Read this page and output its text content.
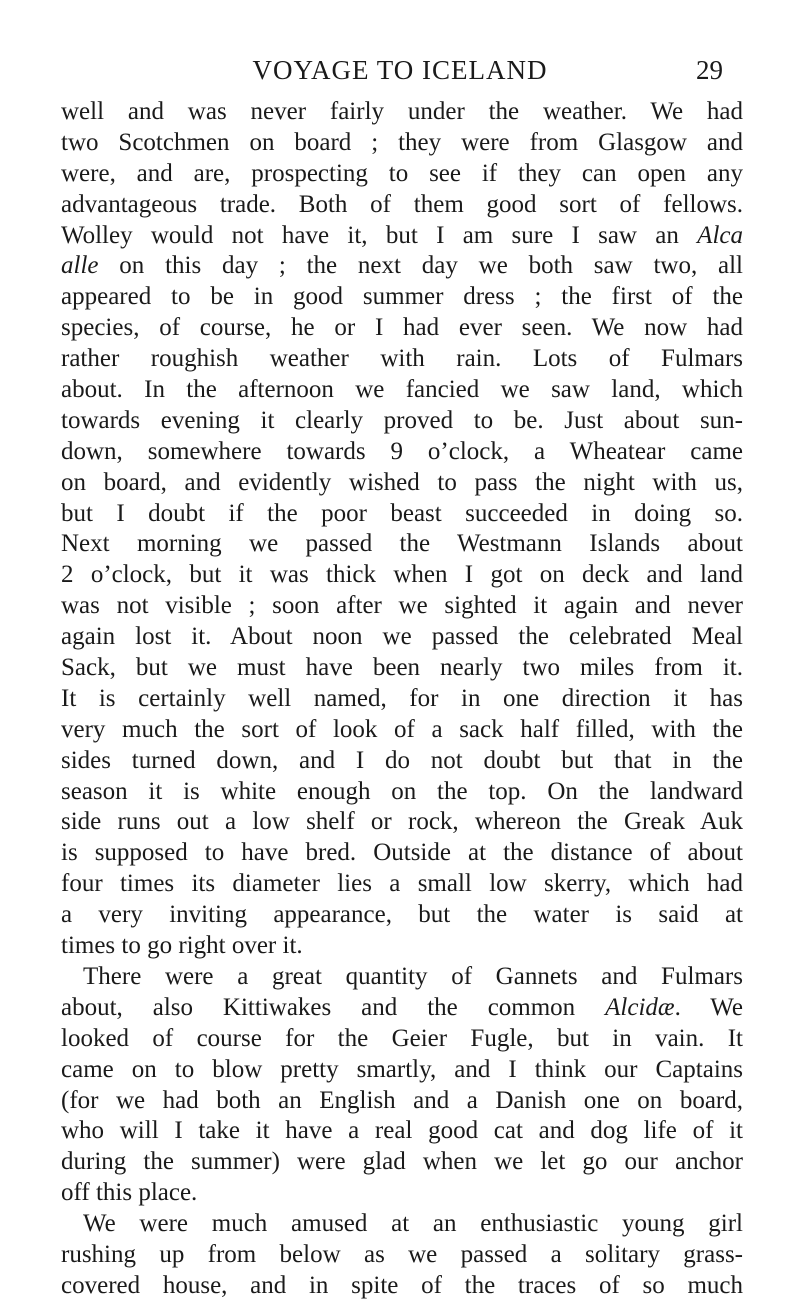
VOYAGE TO ICELAND	29
well and was never fairly under the weather. We had
two Scotchmen on board ; they were from Glasgow and
were, and are, prospecting to see if they can open any
advantageous trade. Both of them good sort of fellows.
Wolley would not have it, but I am sure I saw an Alca
alle on this day ; the next day we both saw two, all
appeared to be in good summer dress ; the first of the
species, of course, he or I had ever seen. We now had
rather roughish weather with rain. Lots of Fulmars
about. In the afternoon we fancied we saw land, which
towards evening it clearly proved to be. Just about sun-
down, somewhere towards 9 o’clock, a Wheatear came
on board, and evidently wished to pass the night with us,
but I doubt if the poor beast succeeded in doing so.
Next morning we passed the Westmann Islands about
2 o’clock, but it was thick when I got on deck and land
was not visible ; soon after we sighted it again and never
again lost it. About noon we passed the celebrated Meal
Sack, but we must have been nearly two miles from it.
It is certainly well named, for in one direction it has
very much the sort of look of a sack half filled, with the
sides turned down, and I do not doubt but that in the
season it is white enough on the top. On the landward
side runs out a low shelf or rock, whereon the Greak Auk
is supposed to have bred. Outside at the distance of about
four times its diameter lies a small low skerry, which had
a very inviting appearance, but the water is said at
times to go right over it.
There were a great quantity of Gannets and Fulmars
about, also Kittiwakes and the common Alcidæ. We
looked of course for the Geier Fugle, but in vain. It
came on to blow pretty smartly, and I think our Captains
(for we had both an English and a Danish one on board,
who will I take it have a real good cat and dog life of it
during the summer) were glad when we let go our anchor
off this place.
We were much amused at an enthusiastic young girl
rushing up from below as we passed a solitary grass-
covered house, and in spite of the traces of so much
